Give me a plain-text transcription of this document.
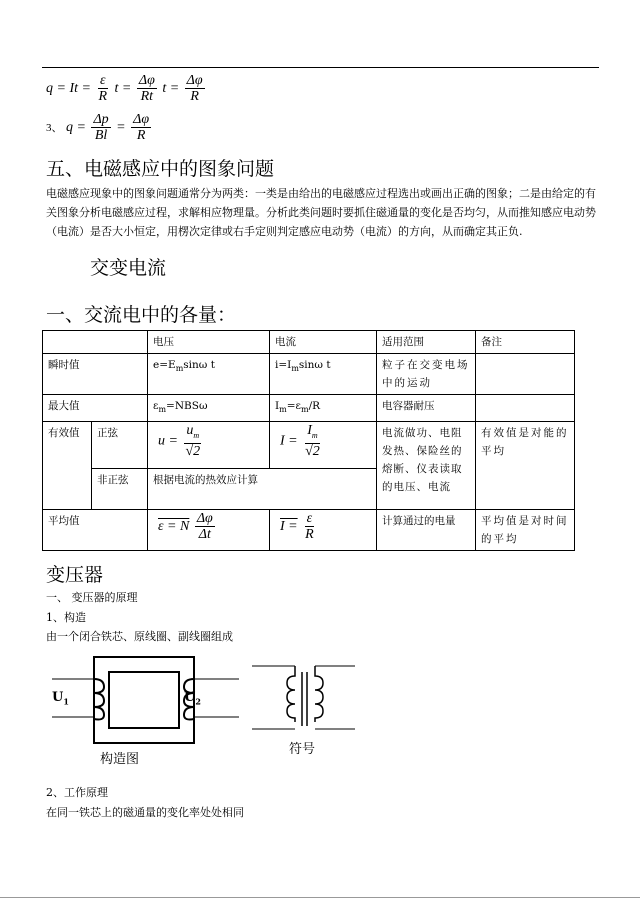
$q = It = \frac{\varepsilon}{R}$ $t = \frac{\Delta\varphi}{Rt}$ $t = \frac{\Delta\varphi}{R}$
3、 $q = \frac{\Delta p}{Bl} = \frac{\Delta\varphi}{R}$
五、电磁感应中的图象问题
电磁感应现象中的图象问题通常分为两类：一类是由给出的电磁感应过程选出或画出正确的图象；二是由给定的有关图象分析电磁感应过程，求解相应物理量。分析此类问题时要抓住磁通量的变化是否均匀，从而推知感应电动势（电流）是否大小恒定，用楞次定律或右手定则判定感应电动势（电流）的方向，从而确定其正负.
交变电流
一、交流电中的各量：
		电压	电流	适用范围	备注
瞬时值		$e=E_m\sin\omega$ t	$i=I_m\sin\omega$ t	粒子在交变电场中的运动	
最大值		$\varepsilon_m=NBS\omega$	$I_m=\varepsilon_m/R$	电容器耐压	
有效值	正弦	$u = \frac{u_m}{√2}$	$I = \frac{I_m}{√2}$	电流做功、电阻发热、保险丝的熔断、仪表读取的电压、电流	有效值是对能的平均
	非正弦	根据电流的热效应计算			
平均值		ε = N $\frac{\Delta\varphi}{\Delta t}$	$I = \frac{\varepsilon}{R}$	计算通过的电量	平均值是对时间的平均
变压器
一、 变压器的原理
1、构造
由一个闭合铁芯、原线圈、副线圈组成
$U_1$	$U_2$
构造图
符号
2、工作原理
在同一铁芯上的磁通量的变化率处处相同
